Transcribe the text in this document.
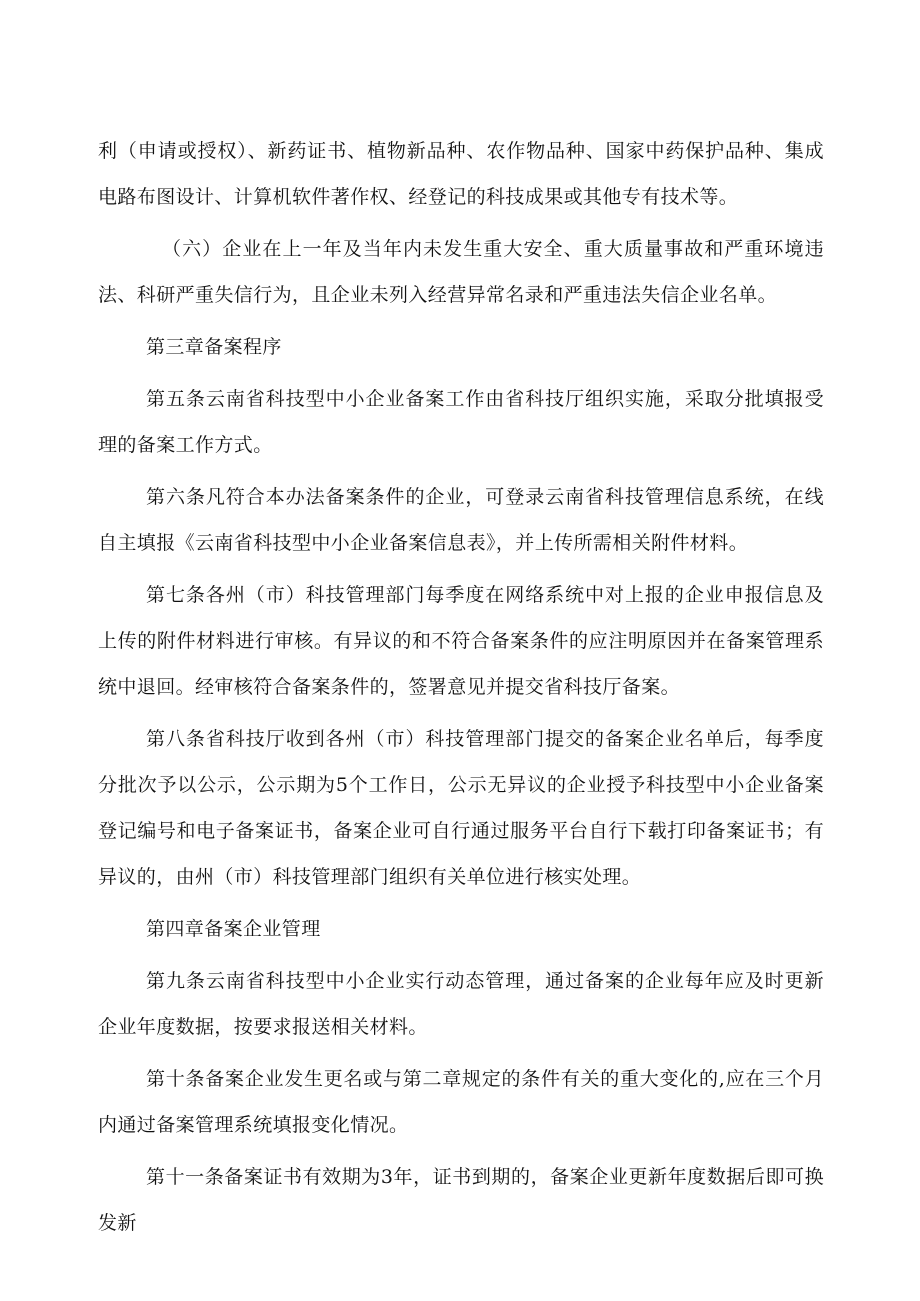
利（申请或授权）、新药证书、植物新品种、农作物品种、国家中药保护品种、集成电路布图设计、计算机软件著作权、经登记的科技成果或其他专有技术等。

（六）企业在上一年及当年内未发生重大安全、重大质量事故和严重环境违法、科研严重失信行为，且企业未列入经营异常名录和严重违法失信企业名单。

第三章备案程序

第五条云南省科技型中小企业备案工作由省科技厅组织实施，采取分批填报受理的备案工作方式。

第六条凡符合本办法备案条件的企业，可登录云南省科技管理信息系统，在线自主填报《云南省科技型中小企业备案信息表》，并上传所需相关附件材料。

第七条各州（市）科技管理部门每季度在网络系统中对上报的企业申报信息及上传的附件材料进行审核。有异议的和不符合备案条件的应注明原因并在备案管理系统中退回。经审核符合备案条件的，签署意见并提交省科技厅备案。

第八条省科技厅收到各州（市）科技管理部门提交的备案企业名单后，每季度分批次予以公示，公示期为5个工作日，公示无异议的企业授予科技型中小企业备案登记编号和电子备案证书，备案企业可自行通过服务平台自行下载打印备案证书；有异议的，由州（市）科技管理部门组织有关单位进行核实处理。

第四章备案企业管理

第九条云南省科技型中小企业实行动态管理，通过备案的企业每年应及时更新企业年度数据，按要求报送相关材料。

第十条备案企业发生更名或与第二章规定的条件有关的重大变化的,应在三个月内通过备案管理系统填报变化情况。

第十一条备案证书有效期为3年，证书到期的，备案企业更新年度数据后即可换发新
